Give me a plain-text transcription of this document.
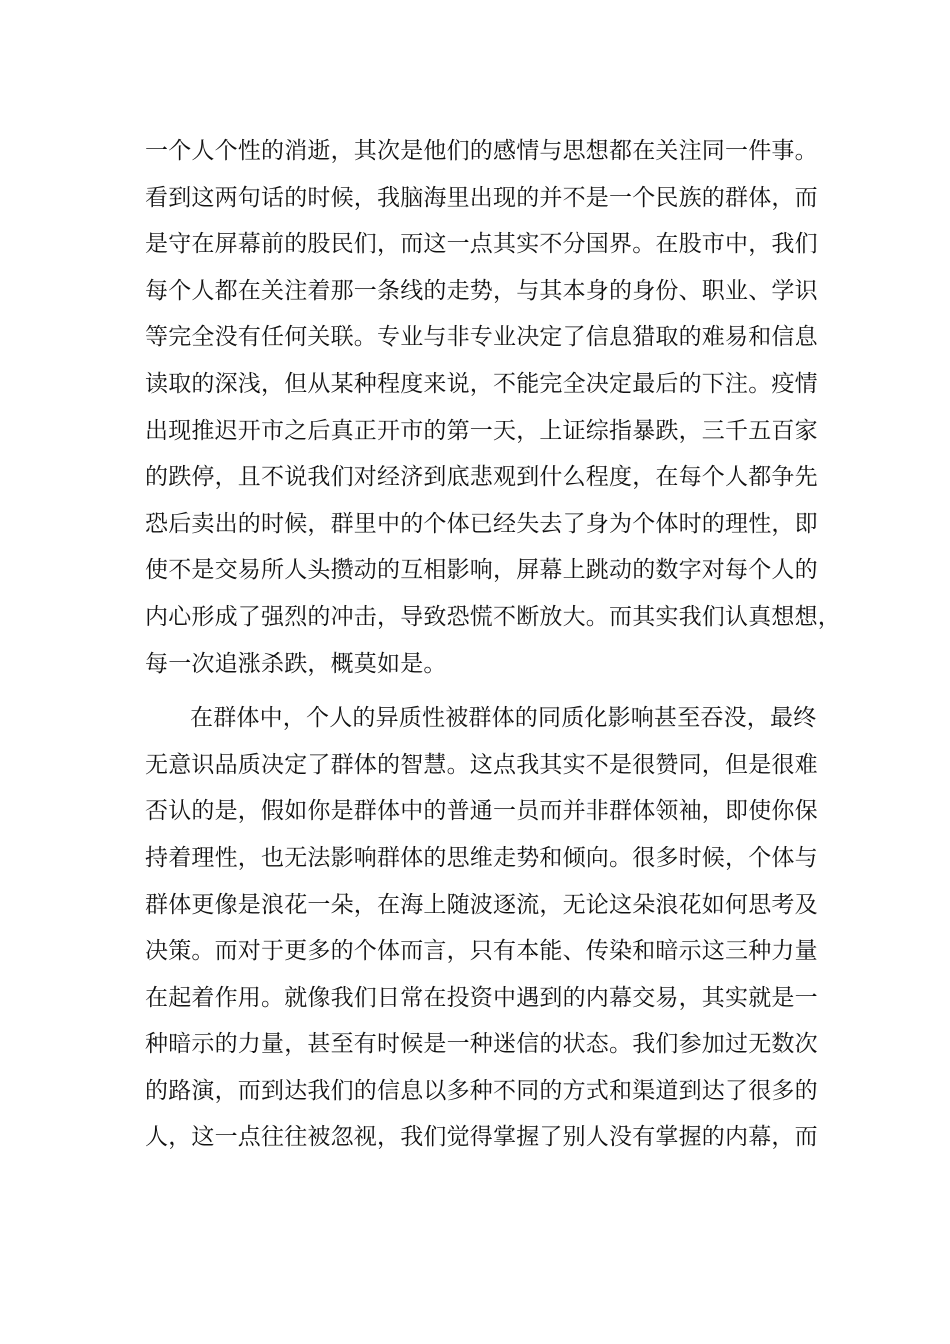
一个人个性的消逝，其次是他们的感情与思想都在关注同一件事。
看到这两句话的时候，我脑海里出现的并不是一个民族的群体，而
是守在屏幕前的股民们，而这一点其实不分国界。在股市中，我们
每个人都在关注着那一条线的走势，与其本身的身份、职业、学识
等完全没有任何关联。专业与非专业决定了信息猎取的难易和信息
读取的深浅，但从某种程度来说，不能完全决定最后的下注。疫情
出现推迟开市之后真正开市的第一天，上证综指暴跌，三千五百家
的跌停，且不说我们对经济到底悲观到什么程度，在每个人都争先
恐后卖出的时候，群里中的个体已经失去了身为个体时的理性，即
使不是交易所人头攒动的互相影响，屏幕上跳动的数字对每个人的
内心形成了强烈的冲击，导致恐慌不断放大。而其实我们认真想想，
每一次追涨杀跌，概莫如是。
在群体中，个人的异质性被群体的同质化影响甚至吞没，最终
无意识品质决定了群体的智慧。这点我其实不是很赞同，但是很难
否认的是，假如你是群体中的普通一员而并非群体领袖，即使你保
持着理性，也无法影响群体的思维走势和倾向。很多时候，个体与
群体更像是浪花一朵，在海上随波逐流，无论这朵浪花如何思考及
决策。而对于更多的个体而言，只有本能、传染和暗示这三种力量
在起着作用。就像我们日常在投资中遇到的内幕交易，其实就是一
种暗示的力量，甚至有时候是一种迷信的状态。我们参加过无数次
的路演，而到达我们的信息以多种不同的方式和渠道到达了很多的
人，这一点往往被忽视，我们觉得掌握了别人没有掌握的内幕，而
